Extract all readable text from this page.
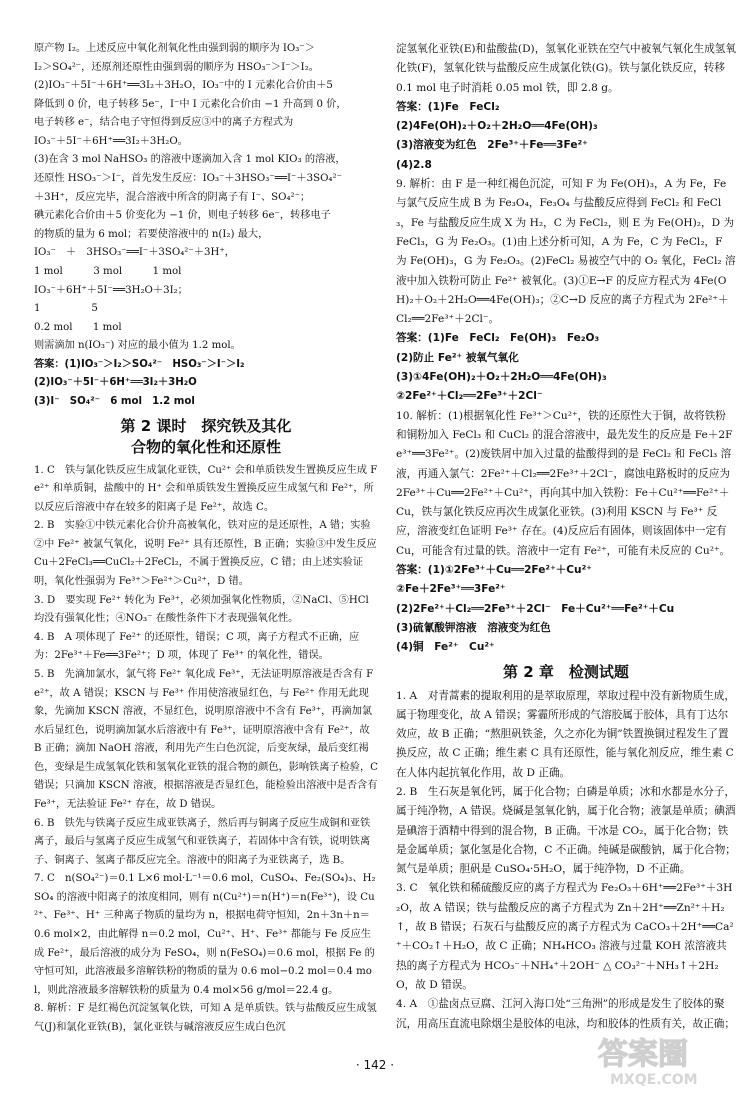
原产物 I₂。上述反应中氧化剂氧化性由强到弱的顺序为 IO₃⁻＞

I₂＞SO₄²⁻，还原剂还原性由强到弱的顺序为 HSO₃⁻＞I⁻＞I₂。

(2)IO₃⁻＋5I⁻＋6H⁺══3I₂＋3H₂O，IO₃⁻中的 I 元素化合价由＋5

降低到 0 价，电子转移 5e⁻，I⁻中 I 元素化合价由 −1 升高到 0 价，

电子转移 e⁻，结合电子守恒得到反应③中的离子方程式为

IO₃⁻＋5I⁻＋6H⁺══3I₂＋3H₂O。

(3)在含 3 mol NaHSO₃ 的溶液中逐滴加入含 1 mol KIO₃ 的溶液，

还原性 HSO₃⁻＞I⁻，首先发生反应：IO₃⁻＋3HSO₃⁻══I⁻＋3SO₄²⁻

＋3H⁺，反应完毕，混合溶液中所含的阴离子有 I⁻、SO₄²⁻；

碘元素化合价由＋5 价变化为 −1 价，则电子转移 6e⁻，转移电子

的物质的量为 6 mol；若要使溶液中的 n(I₂) 最大，

IO₃⁻　＋　3HSO₃⁻══I⁻＋3SO₄²⁻＋3H⁺，

1 mol　　　3 mol　　　1 mol

IO₃⁻＋6H⁺＋5I⁻══3H₂O＋3I₂；

1　　　　　5

0.2 mol　　1 mol

则需滴加 n(IO₃⁻) 对应的最小值为 1.2 mol。

答案：(1)IO₃⁻＞I₂＞SO₄²⁻　HSO₃⁻＞I⁻＞I₂

(2)IO₃⁻＋5I⁻＋6H⁺══3I₂＋3H₂O

(3)I⁻　SO₄²⁻　6 mol　1.2 mol

第 2 课时　探究铁及其化
合物的氧化性和还原性

1. C　铁与氯化铁反应生成氯化亚铁，Cu²⁺ 会和单质铁发生置换反应生成 Fe²⁺ 和单质铜，盐酸中的 H⁺ 会和单质铁发生置换反应生成氢气和 Fe²⁺，所以反应后溶液中存在较多的阳离子是 Fe²⁺，故选 C。

2. B　实验①中铁元素化合价升高被氧化，铁对应的是还原性，A 错；实验②中 Fe²⁺ 被氯气氧化，说明 Fe²⁺ 具有还原性，B 正确；实验③中发生反应 Cu＋2FeCl₃══CuCl₂＋2FeCl₂，不属于置换反应，C 错；由上述实验证明，氧化性强弱为 Fe³⁺＞Fe²⁺＞Cu²⁺，D 错。

3. D　要实现 Fe²⁺ 转化为 Fe³⁺，必须加强氧化性物质，②NaCl、⑤HCl 均没有强氧化性；④NO₃⁻ 在酸性条件下才表现强氧化性。

4. B　A 项体现了 Fe²⁺ 的还原性，错误；C 项，离子方程式不正确，应为：2Fe³⁺＋Fe══3Fe²⁺；D 项，体现了 Fe³⁺ 的氧化性，错误。

5. B　先滴加氯水，氯气将 Fe²⁺ 氧化成 Fe³⁺，无法证明原溶液是否含有 Fe²⁺，故 A 错误；KSCN 与 Fe³⁺ 作用使溶液显红色，与 Fe²⁺ 作用无此现象，先滴加 KSCN 溶液，不显红色，说明原溶液中不含有 Fe³⁺，再滴加氯水后显红色，说明滴加氯水后溶液中有 Fe³⁺，证明原溶液中含有 Fe²⁺，故 B 正确；滴加 NaOH 溶液，利用先产生白色沉淀，后变灰绿，最后变红褐色，变绿是生成氢氧化铁和氢氧化亚铁的混合物的颜色，影响铁离子检验，C 错误；只滴加 KSCN 溶液，根据溶液是否显红色，能检验出溶液中是否含有 Fe³⁺，无法验证 Fe²⁺ 存在，故 D 错误。

6. B　铁先与铁离子反应生成亚铁离子，然后再与铜离子反应生成铜和亚铁离子，最后与氢离子反应生成氢气和亚铁离子，若固体中含有铁，说明铁离子、铜离子、氢离子都反应完全。溶液中的阳离子为亚铁离子，选 B。

7. C　n(SO₄²⁻)＝0.1 L×6 mol·L⁻¹＝0.6 mol，CuSO₄、Fe₂(SO₄)₃、H₂SO₄ 的溶液中阳离子的浓度相同，则有 n(Cu²⁺)＝n(H⁺)＝n(Fe³⁺)，设 Cu²⁺、Fe³⁺、H⁺ 三种离子物质的量均为 n，根据电荷守恒知，2n＋3n＋n＝0.6 mol×2，由此解得 n＝0.2 mol，Cu²⁺、H⁺、Fe³⁺ 都能与 Fe 反应生成 Fe²⁺，最后溶液的成分为 FeSO₄，则 n(FeSO₄)＝0.6 mol，根据 Fe 的守恒可知，此溶液最多溶解铁粉的物质的量为 0.6 mol−0.2 mol＝0.4 mol，则此溶液最多溶解铁粉的质量为 0.4 mol×56 g/mol＝22.4 g。

8. 解析：F 是红褐色沉淀氢氧化铁，可知 A 是单质铁。铁与盐酸反应生成氢气(J)和氯化亚铁(B)，氯化亚铁与碱溶液反应生成白色沉

淀氢氧化亚铁(E)和盐酸盐(D)，氢氧化亚铁在空气中被氧气氧化生成氢氧化铁(F)，氢氧化铁与盐酸反应生成氯化铁(G)。铁与氯化铁反应，转移 0.1 mol 电子时消耗 0.05 mol 铁，即 2.8 g。

答案：(1)Fe　FeCl₂

(2)4Fe(OH)₂＋O₂＋2H₂O══4Fe(OH)₃

(3)溶液变为红色　2Fe³⁺＋Fe══3Fe²⁺

(4)2.8

9. 解析：由 F 是一种红褐色沉淀，可知 F 为 Fe(OH)₃，A 为 Fe，Fe 与氯气反应生成 B 为 Fe₃O₄，Fe₃O₄ 与盐酸反应得到 FeCl₂ 和 FeCl₃，Fe 与盐酸反应生成 X 为 H₂，C 为 FeCl₂，则 E 为 Fe(OH)₂，D 为 FeCl₃，G 为 Fe₂O₃。(1)由上述分析可知，A 为 Fe，C 为 FeCl₂，F 为 Fe(OH)₃，G 为 Fe₂O₃。(2)FeCl₂ 易被空气中的 O₂ 氧化，FeCl₂ 溶液中加入铁粉可防止 Fe²⁺ 被氧化。(3)①E→F 的反应方程式为 4Fe(OH)₂＋O₂＋2H₂O══4Fe(OH)₃；②C→D 反应的离子方程式为 2Fe²⁺＋Cl₂══2Fe³⁺＋2Cl⁻。

答案：(1)Fe　FeCl₂　Fe(OH)₃　Fe₂O₃

(2)防止 Fe²⁺ 被氧气氧化

(3)①4Fe(OH)₂＋O₂＋2H₂O══4Fe(OH)₃

②2Fe²⁺＋Cl₂══2Fe³⁺＋2Cl⁻

10. 解析：(1)根据氧化性 Fe³⁺＞Cu²⁺，铁的还原性大于铜，故将铁粉和铜粉加入 FeCl₃ 和 CuCl₂ 的混合溶液中，最先发生的反应是 Fe＋2Fe³⁺══3Fe²⁺。(2)废铁屑中加入过量的盐酸得到的是 FeCl₂ 和 FeCl₃ 溶液，再通入氯气：2Fe²⁺＋Cl₂══2Fe³⁺＋2Cl⁻，腐蚀电路板时的反应为 2Fe³⁺＋Cu══2Fe²⁺＋Cu²⁺，再向其中加入铁粉：Fe＋Cu²⁺══Fe²⁺＋Cu，铁与氯化铁反应再次生成氯化亚铁。(3)利用 KSCN 与 Fe³⁺ 反应，溶液变红色证明 Fe³⁺ 存在。(4)反应后有固体，则该固体中一定有 Cu，可能含有过量的铁。溶液中一定有 Fe²⁺，可能有未反应的 Cu²⁺。

答案：(1)①2Fe³⁺＋Cu══2Fe²⁺＋Cu²⁺

②Fe＋2Fe³⁺══3Fe²⁺

(2)2Fe²⁺＋Cl₂══2Fe³⁺＋2Cl⁻　Fe＋Cu²⁺══Fe²⁺＋Cu

(3)硫氰酸钾溶液　溶液变为红色

(4)铜　Fe²⁺　Cu²⁺

第 2 章　检测试题

1. A　对青蒿素的提取利用的是萃取原理，萃取过程中没有新物质生成，属于物理变化，故 A 错误；雾霾所形成的气溶胶属于胶体，具有丁达尔效应，故 B 正确；“熬胆矾铁釜，久之亦化为铜”铁置换铜过程发生了置换反应，故 C 正确；维生素 C 具有还原性，能与氧化剂反应，维生素 C 在人体内起抗氧化作用，故 D 正确。

2. B　生石灰是氧化钙，属于化合物；白磷是单质；冰和水都是水分子，属于纯净物，A 错误。烧碱是氢氧化钠，属于化合物；液氯是单质；碘酒是碘溶于酒精中得到的混合物，B 正确。干冰是 CO₂，属于化合物；铁是金属单质；氯化氢是化合物，C 不正确。纯碱是碳酸钠，属于化合物；氮气是单质；胆矾是 CuSO₄·5H₂O，属于纯净物，D 不正确。

3. C　氧化铁和稀硫酸反应的离子方程式为 Fe₂O₃＋6H⁺══2Fe³⁺＋3H₂O，故 A 错误；铁与盐酸反应的离子方程式为 Zn＋2H⁺══Zn²⁺＋H₂↑，故 B 错误；石灰石与盐酸反应的离子方程式为 CaCO₃＋2H⁺══Ca²⁺＋CO₂↑＋H₂O，故 C 正确；NH₄HCO₃ 溶液与过量 KOH 浓溶液共热的离子方程式为 HCO₃⁻＋NH₄⁺＋2OH⁻ △ CO₃²⁻＋NH₃↑＋2H₂O，故 D 错误。

4. A　①盐卤点豆腐、江河入海口处“三角洲”的形成是发生了胶体的聚沉，用高压直流电除烟尘是胶体的电泳，均和胶体的性质有关，故正确；

· 142 ·	答案圈
MXQE.COM
